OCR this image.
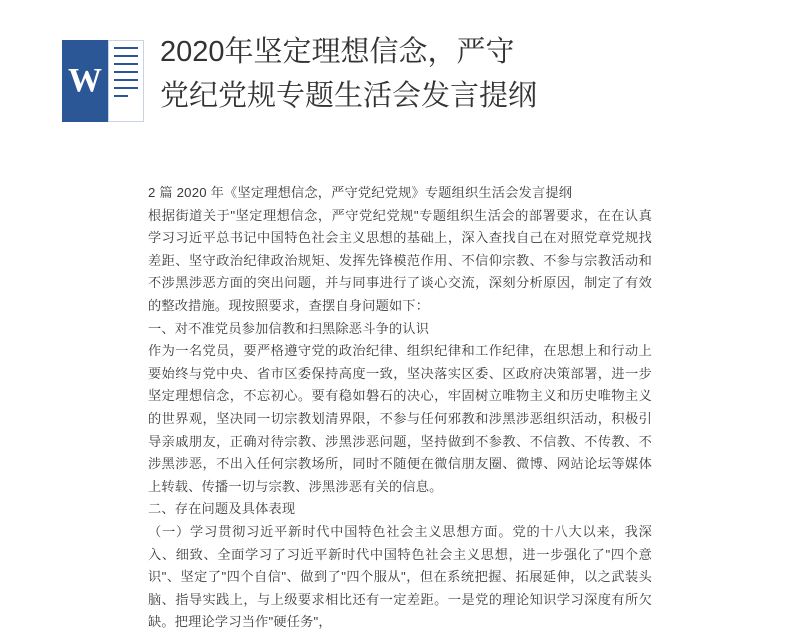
W
2020年坚定理想信念，严守
党纪党规专题生活会发言提纲

2 篇 2020 年《坚定理想信念，严守党纪党规》专题组织生活会发言提纲

根据街道关于"坚定理想信念，严守党纪党规"专题组织生活会的部署要求，在在认真学习习近平总书记中国特色社会主义思想的基础上，深入查找自己在对照党章党规找差距、坚守政治纪律政治规矩、发挥先锋模范作用、不信仰宗教、不参与宗教活动和不涉黑涉恶方面的突出问题，并与同事进行了谈心交流，深刻分析原因，制定了有效的整改措施。现按照要求，查摆自身问题如下：

一、对不准党员参加信教和扫黑除恶斗争的认识

作为一名党员，要严格遵守党的政治纪律、组织纪律和工作纪律，在思想上和行动上要始终与党中央、省市区委保持高度一致，坚决落实区委、区政府决策部署，进一步坚定理想信念，不忘初心。要有稳如磐石的决心，牢固树立唯物主义和历史唯物主义的世界观，坚决同一切宗教划清界限，不参与任何邪教和涉黑涉恶组织活动，积极引导亲戚朋友，正确对待宗教、涉黑涉恶问题，坚持做到不参教、不信教、不传教、不涉黑涉恶，不出入任何宗教场所，同时不随便在微信朋友圈、微博、网站论坛等媒体上转载、传播一切与宗教、涉黑涉恶有关的信息。

二、存在问题及具体表现

（一）学习贯彻习近平新时代中国特色社会主义思想方面。党的十八大以来，我深入、细致、全面学习了习近平新时代中国特色社会主义思想，进一步强化了"四个意识"、坚定了"四个自信"、做到了"四个服从"，但在系统把握、拓展延伸，以之武装头脑、指导实践上，与上级要求相比还有一定差距。一是党的理论知识学习深度有所欠缺。把理论学习当作"硬任务"，
